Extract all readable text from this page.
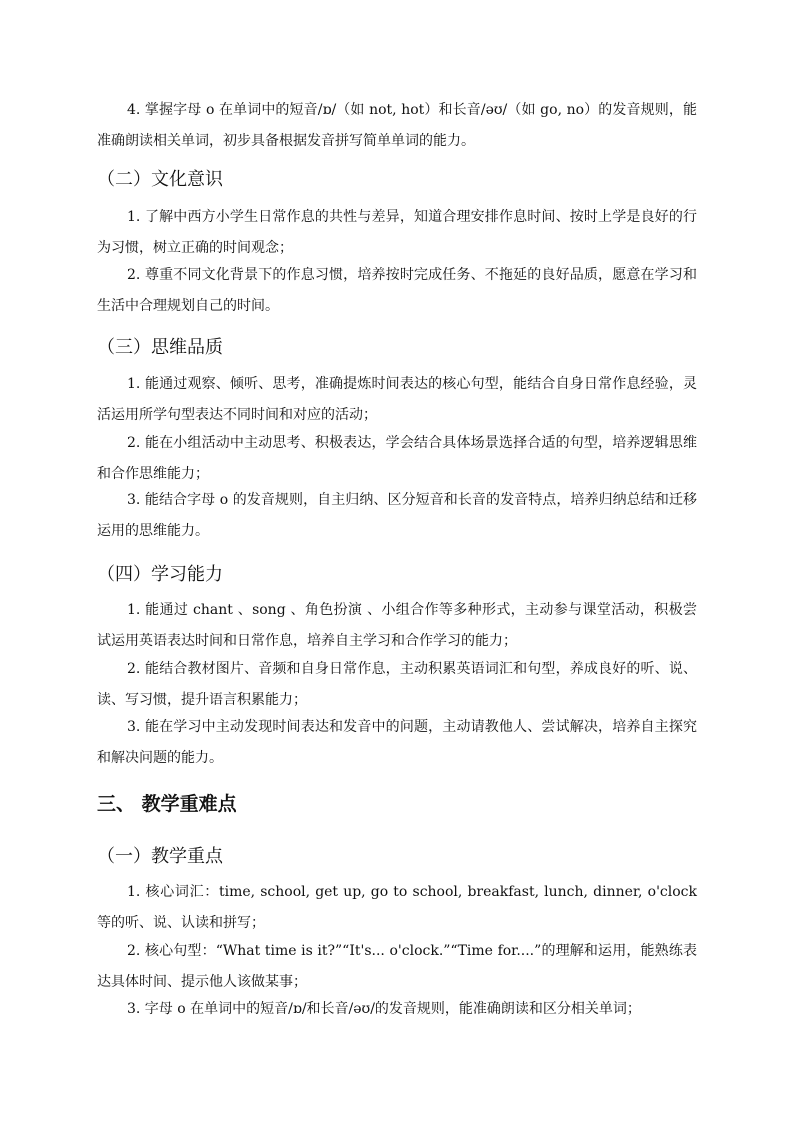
4. 掌握字母 o 在单词中的短音/ɒ/（如 not, hot）和长音/əʊ/（如 go, no）的发音规则，能准确朗读相关单词，初步具备根据发音拼写简单单词的能力。

（二）文化意识

1. 了解中西方小学生日常作息的共性与差异，知道合理安排作息时间、按时上学是良好的行为习惯，树立正确的时间观念；

2. 尊重不同文化背景下的作息习惯，培养按时完成任务、不拖延的良好品质，愿意在学习和生活中合理规划自己的时间。

（三）思维品质

1. 能通过观察、倾听、思考，准确提炼时间表达的核心句型，能结合自身日常作息经验，灵活运用所学句型表达不同时间和对应的活动；

2. 能在小组活动中主动思考、积极表达，学会结合具体场景选择合适的句型，培养逻辑思维和合作思维能力；

3. 能结合字母 o 的发音规则，自主归纳、区分短音和长音的发音特点，培养归纳总结和迁移运用的思维能力。

（四）学习能力

1. 能通过 chant 、song 、角色扮演 、小组合作等多种形式，主动参与课堂活动，积极尝试运用英语表达时间和日常作息，培养自主学习和合作学习的能力；

2. 能结合教材图片、音频和自身日常作息，主动积累英语词汇和句型，养成良好的听、说、读、写习惯，提升语言积累能力；

3. 能在学习中主动发现时间表达和发音中的问题，主动请教他人、尝试解决，培养自主探究和解决问题的能力。

三、 教学重难点
（一）教学重点

1. 核心词汇：time, school, get up, go to school, breakfast, lunch, dinner, o'clock 等的听、说、认读和拼写；

2. 核心句型：“What time is it?”“It's... o'clock.”“Time for....”的理解和运用，能熟练表达具体时间、提示他人该做某事；

3. 字母 o 在单词中的短音/ɒ/和长音/əʊ/的发音规则，能准确朗读和区分相关单词；
